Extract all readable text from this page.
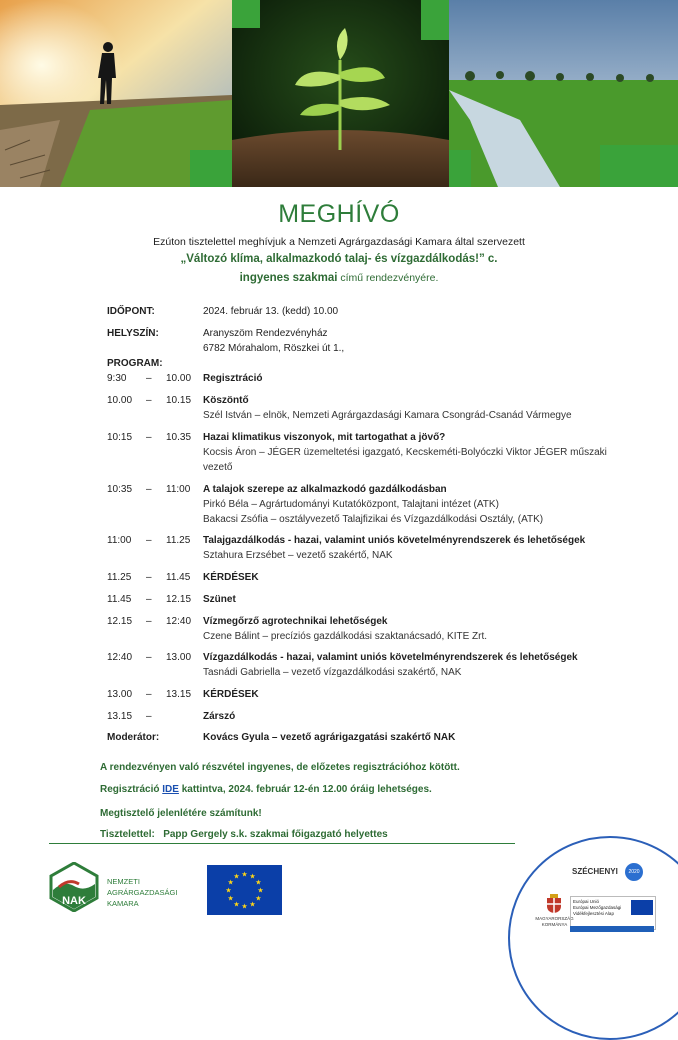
MEGHÍVÓ
Ezúton tisztelettel meghívjuk a Nemzeti Agrárgazdasági Kamara által szervezett
„Változó klíma, alkalmazkodó talaj- és vízgazdálkodás!” c.
ingyenes szakmai című rendezvényére.
IDŐPONT:	2024. február 13. (kedd) 10.00
HELYSZÍN:	Aranyszöm Rendezvényház
6782 Mórahalom, Röszkei út 1.,
PROGRAM:
9:30 – 10.00 Regisztráció
10.00 – 10.15 Köszöntő
Szél István – elnök, Nemzeti Agrárgazdasági Kamara Csongrád-Csanád Vármegye
10:15 – 10.35 Hazai klimatikus viszonyok, mit tartogathat a jövő?
Kocsis Áron – JÉGER üzemeltetési igazgató, Kecskeméti-Bolyóczki Viktor JÉGER műszaki
vezető
10:35 – 11:00 A talajok szerepe az alkalmazkodó gazdálkodásban
Pirkó Béla – Agrártudományi Kutatóközpont, Talajtani intézet (ATK)
Bakacsi Zsófia – osztályvezető Talajfizikai és Vízgazdálkodási Osztály, (ATK)
11:00 – 11.25 Talajgazdálkodás - hazai, valamint uniós követelményrendszerek és lehetőségek
Sztahura Erzsébet – vezető szakértő, NAK
11.25 – 11.45 KÉRDÉSEK
11.45 – 12.15 Szünet
12.15 – 12:40 Vízmegőrző agrotechnikai lehetőségek
Czene Bálint – precíziós gazdálkodási szaktanácsadó, KITE Zrt.
12:40 – 13.00 Vízgazdálkodás - hazai, valamint uniós követelményrendszerek és lehetőségek
Tasnádi Gabriella – vezető vízgazdálkodási szakértő, NAK
13.00 – 13.15 KÉRDÉSEK
13.15 –	Zárszó
Moderátor:	Kovács Gyula – vezető agrárigazgatási szakértő NAK
A rendezvényen való részvétel ingyenes, de előzetes regisztrációhoz kötött.
Regisztráció IDE kattintva, 2024. február 12-én 12.00 óráig lehetséges.
Megtisztelő jelenlétére számítunk!
Tisztelettel: Papp Gergely s.k. szakmai főigazgató helyettes
NAK
NEMZETI
AGRÁRGAZDASÁGI
KAMARA
★ ★
★
★
★
★
★
★
★
★
★
★
SZÉCHENYI	2020
MAGYARORSZÁG
KORMÁNYA
Európai Unió
Európai Mezőgazdasági
Vidékfejlesztési Alap
